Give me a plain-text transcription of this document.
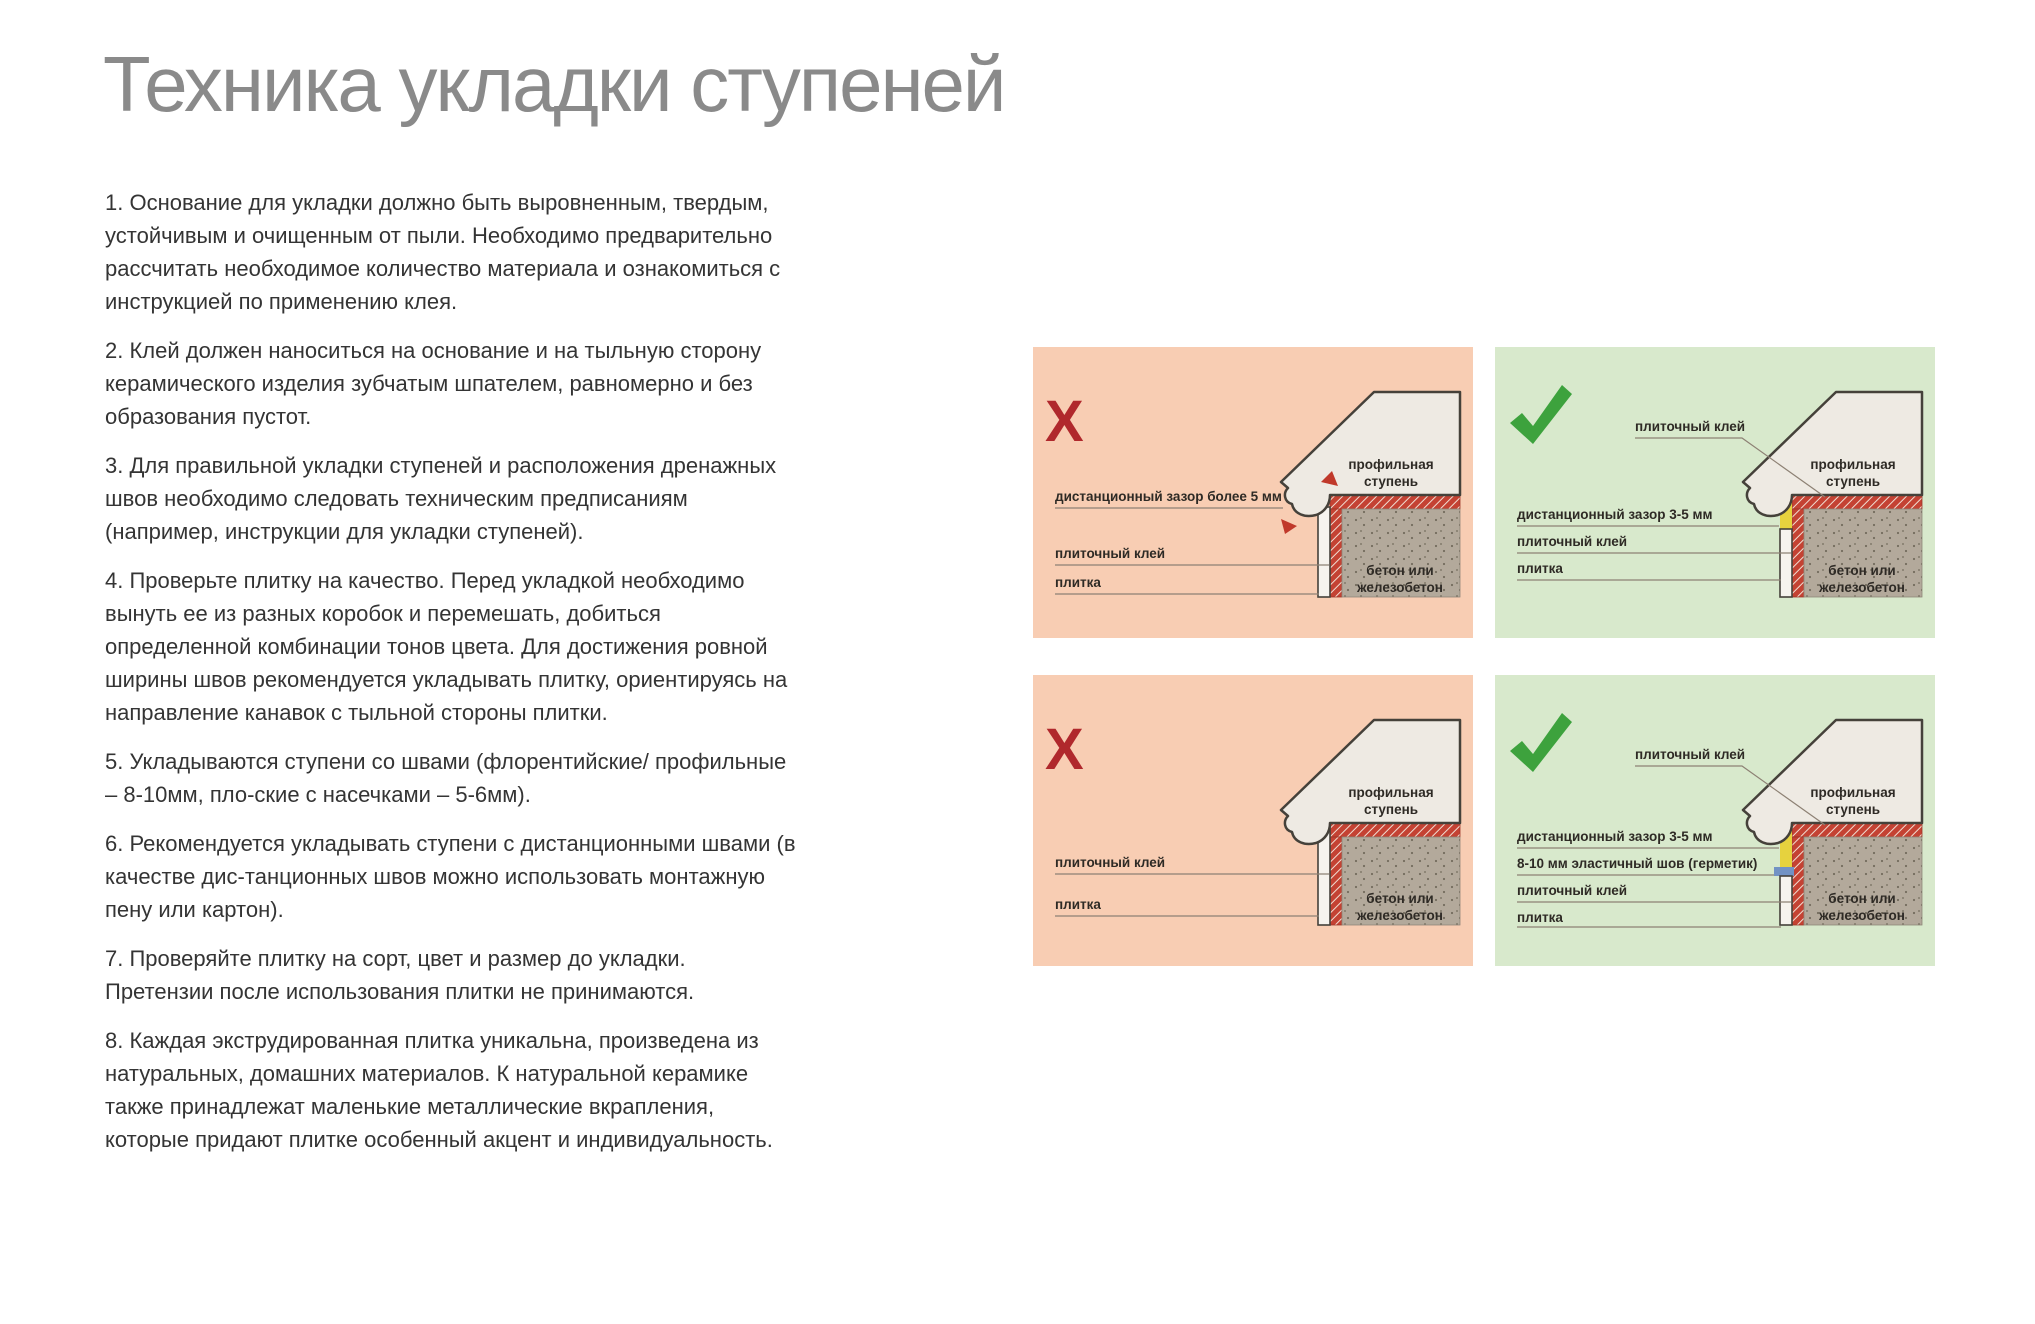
Техника укладки ступеней

1. Основание для укладки должно быть выровненным, твердым, устойчивым и очищенным от пыли. Необходимо предварительно рассчитать необходимое количество материала и ознакомиться с инструкцией по применению клея.

2. Клей должен наноситься на основание и на тыльную сторону керамического изделия зубчатым шпателем, равномерно и без образования пустот.

3. Для правильной укладки ступеней и расположения дренажных швов необходимо следовать техническим предписаниям (например, инструкции для укладки ступеней).

4. Проверьте плитку на качество. Перед укладкой необходимо вынуть ее из разных коробок и перемешать, добиться определенной комбинации тонов цвета. Для достижения ровной ширины швов рекомендуется укладывать плитку, ориентируясь на направление канавок с тыльной стороны плитки.

5. Укладываются ступени со швами (флорентийские/ профильные – 8-10мм, пло-ские с насечками – 5-6мм).

6. Рекомендуется укладывать ступени с дистанционными швами (в качестве дис-танционных швов можно использовать монтажную пену или картон).

7. Проверяйте плитку на сорт, цвет и размер до укладки. Претензии после использования плитки не принимаются.

8. Каждая экструдированная плитка уникальна, произведена из натуральных, домашних материалов. К натуральной керамике также принадлежат маленькие металлические вкрапления, которые придают плитке особенный акцент и индивидуальность.

X
дистанционный зазор более 5 мм
плиточный клей
плитка
профильная
ступень
бетон или
железобетон
плиточный клей
дистанционный зазор 3-5 мм
плиточный клей
плитка
профильная
ступень
бетон или
железобетон
X
плиточный клей
плитка
профильная
ступень
бетон или
железобетон
плиточный клей
дистанционный зазор 3-5 мм
8-10 мм эластичный шов (герметик)
плиточный клей
плитка
профильная
ступень
бетон или
железобетон
